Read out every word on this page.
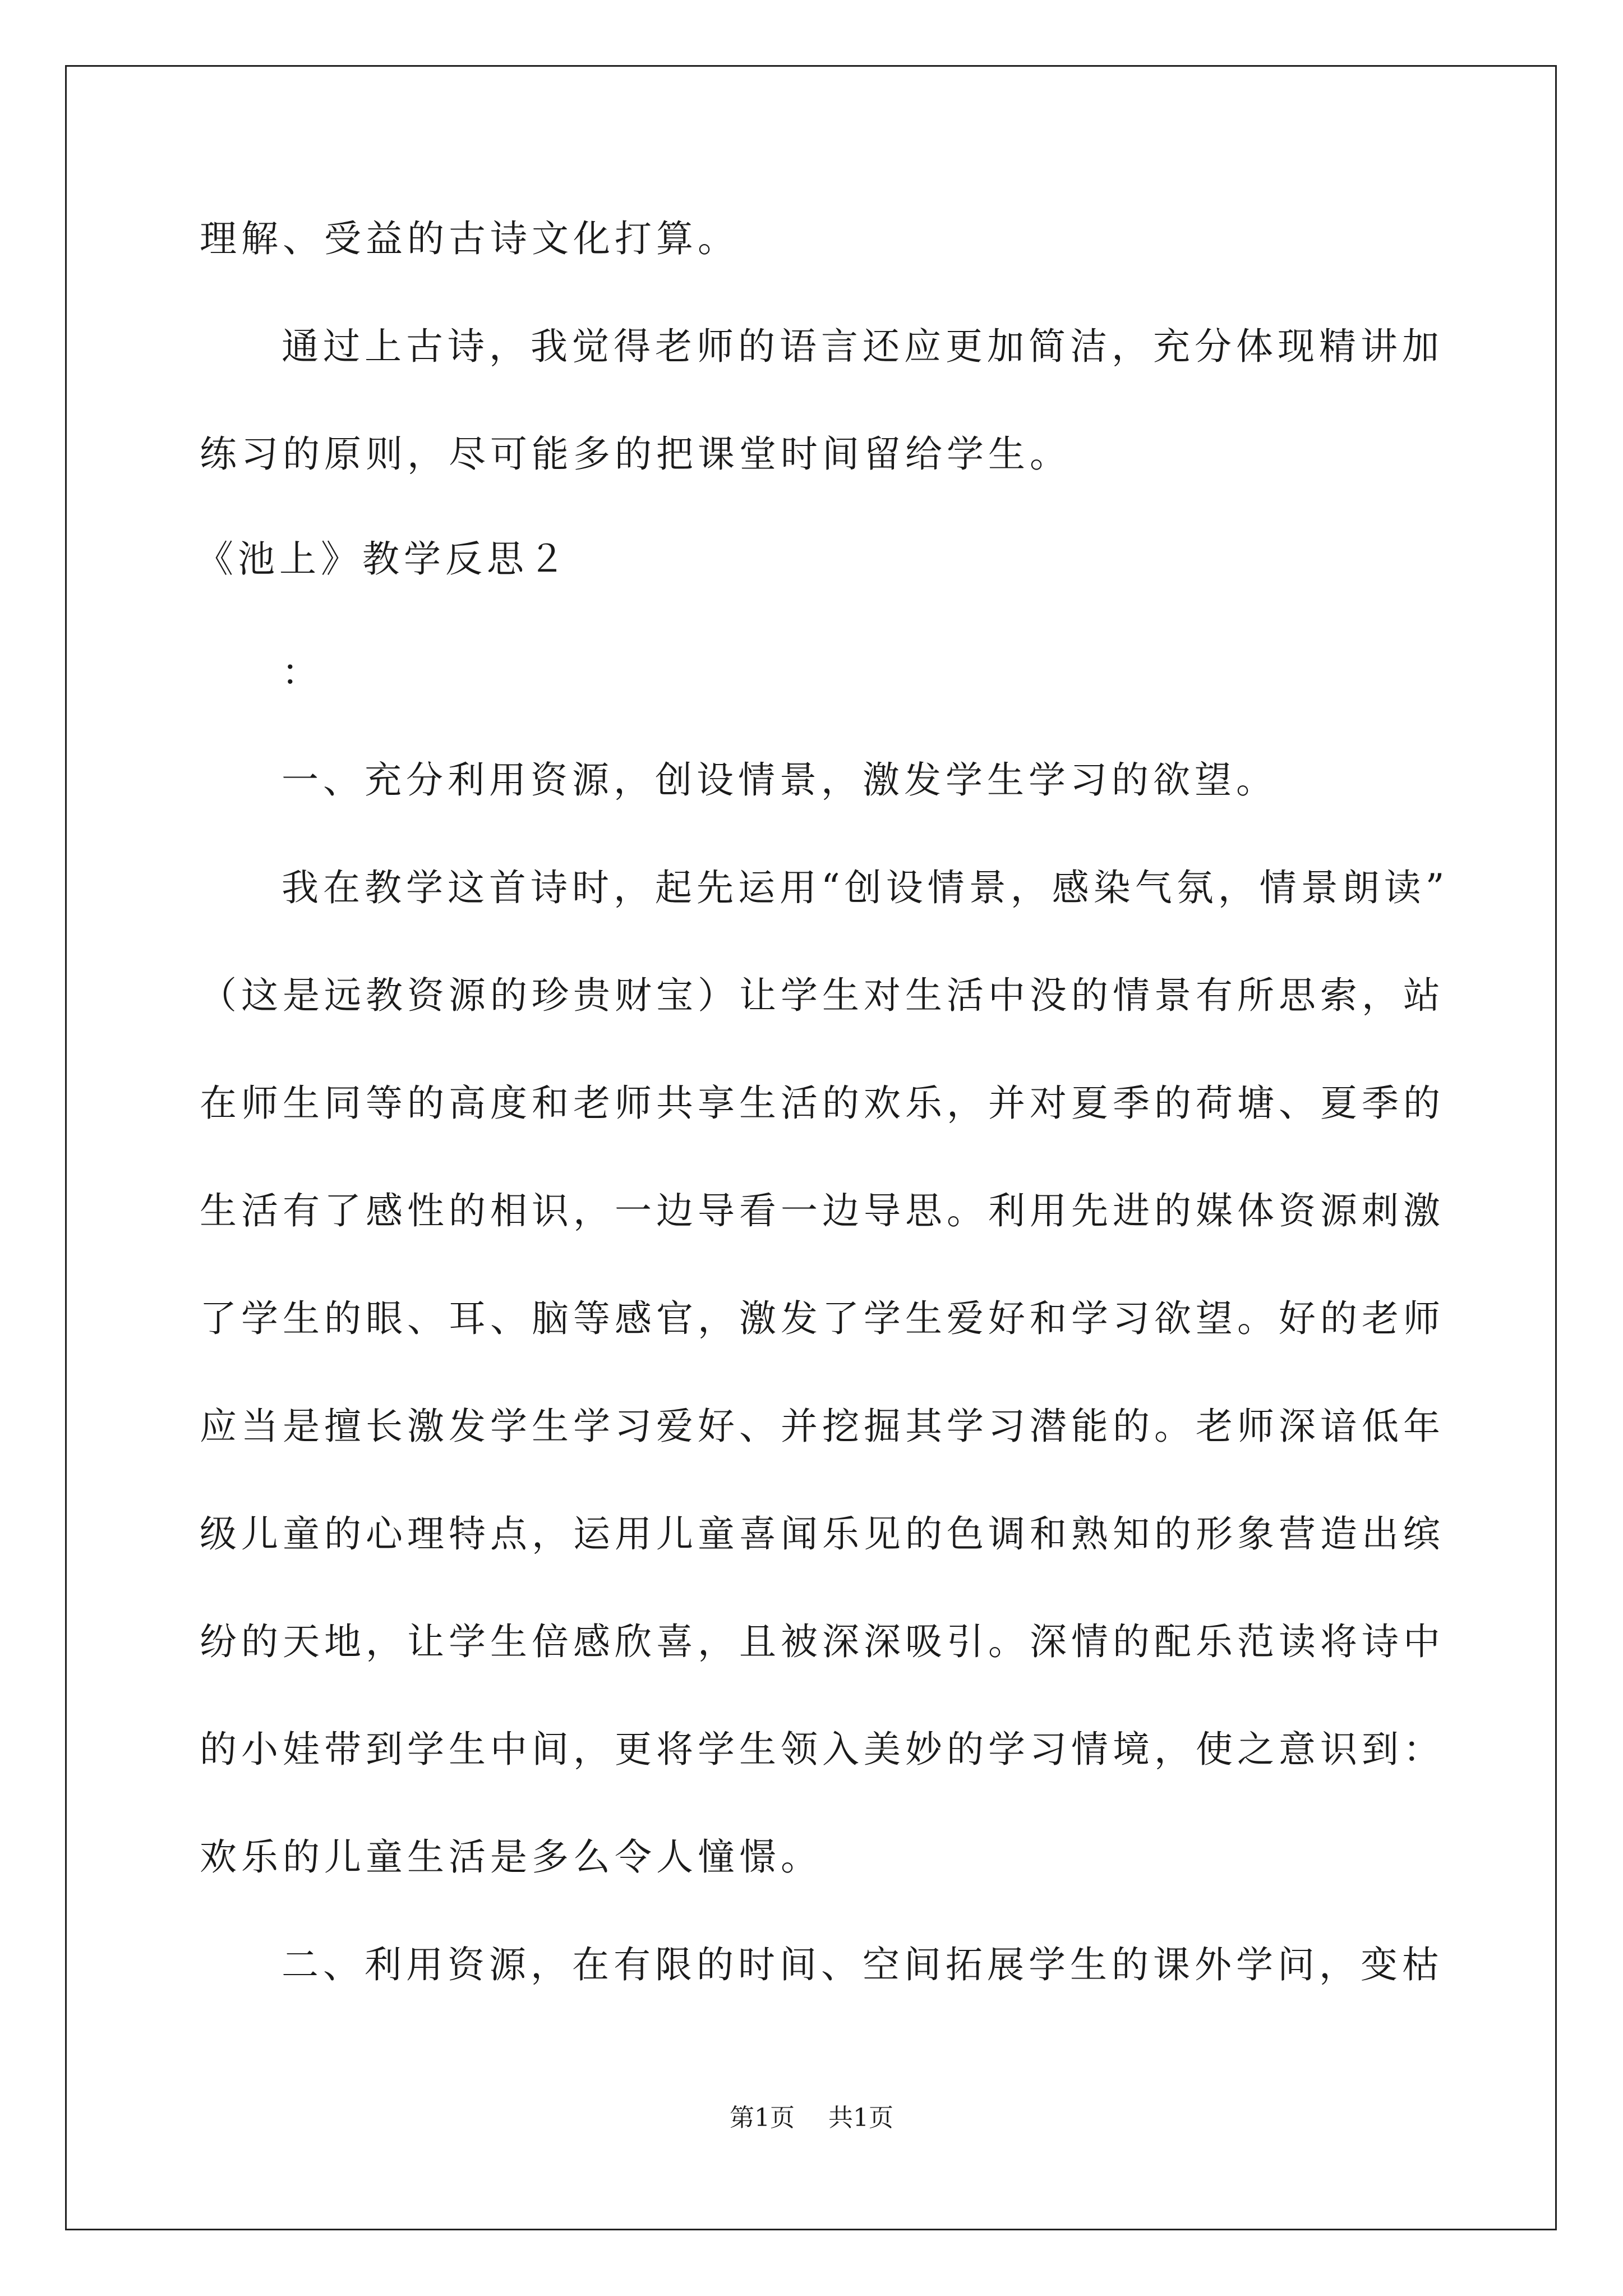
理解、受益的古诗文化打算。
通过上古诗，我觉得老师的语言还应更加简洁，充分体现精讲加
练习的原则，尽可能多的把课堂时间留给学生。
《池上》教学反思２
：
一、充分利用资源，创设情景，激发学生学习的欲望。
我在教学这首诗时，起先运用“创设情景，感染气氛，情景朗读”
（这是远教资源的珍贵财宝）让学生对生活中没的情景有所思索，站
在师生同等的高度和老师共享生活的欢乐，并对夏季的荷塘、夏季的
生活有了感性的相识，一边导看一边导思。利用先进的媒体资源刺激
了学生的眼、耳、脑等感官，激发了学生爱好和学习欲望。好的老师
应当是擅长激发学生学习爱好、并挖掘其学习潜能的。老师深谙低年
级儿童的心理特点，运用儿童喜闻乐见的色调和熟知的形象营造出缤
纷的天地，让学生倍感欣喜，且被深深吸引。深情的配乐范读将诗中
的小娃带到学生中间，更将学生领入美妙的学习情境，使之意识到：
欢乐的儿童生活是多么令人憧憬。
二、利用资源，在有限的时间、空间拓展学生的课外学问，变枯
第1页 共1页
